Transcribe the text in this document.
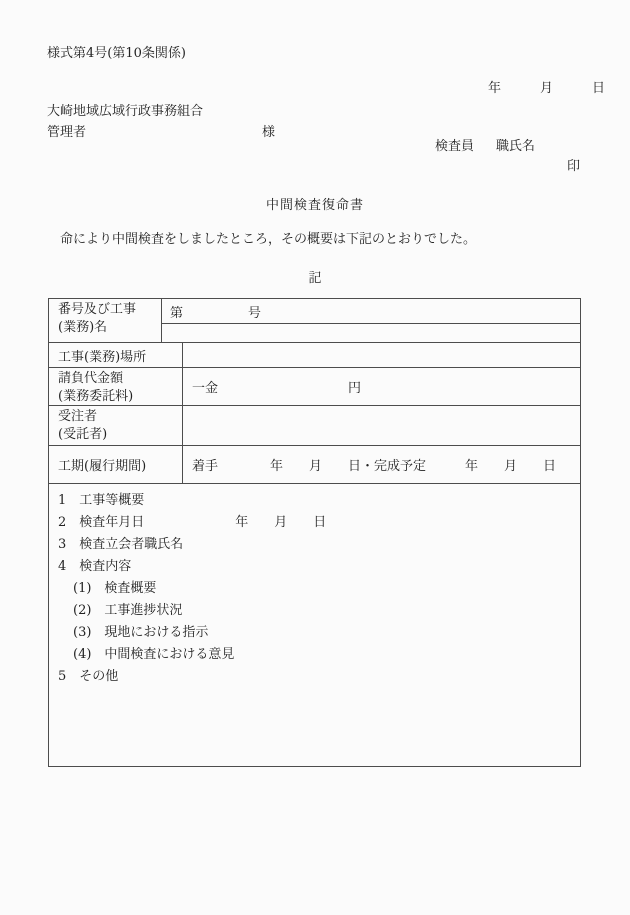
様式第4号(第10条関係)
年　　　月　　　日
大崎地域広域行政事務組合
管理者	様
検査員 職氏名
印
中間検査復命書
　命により中間検査をしましたところ，その概要は下記のとおりでした。
記
番号及び工事
(業務)名
第　　　　　号
工事(業務)場所
請負代金額
(業務委託料)
一金　　　　　　　　　　円
受注者
(受託者)
工期(履行期間)	着手　　　　年　　月　　日・完成予定　　　年　　月　　日
1　工事等概要
2　検査年月日　　　　　　　年　　月　　日
3　検査立会者職氏名
4　検査内容
(1)　検査概要
(2)　工事進捗状況
(3)　現地における指示
(4)　中間検査における意見
5　その他
